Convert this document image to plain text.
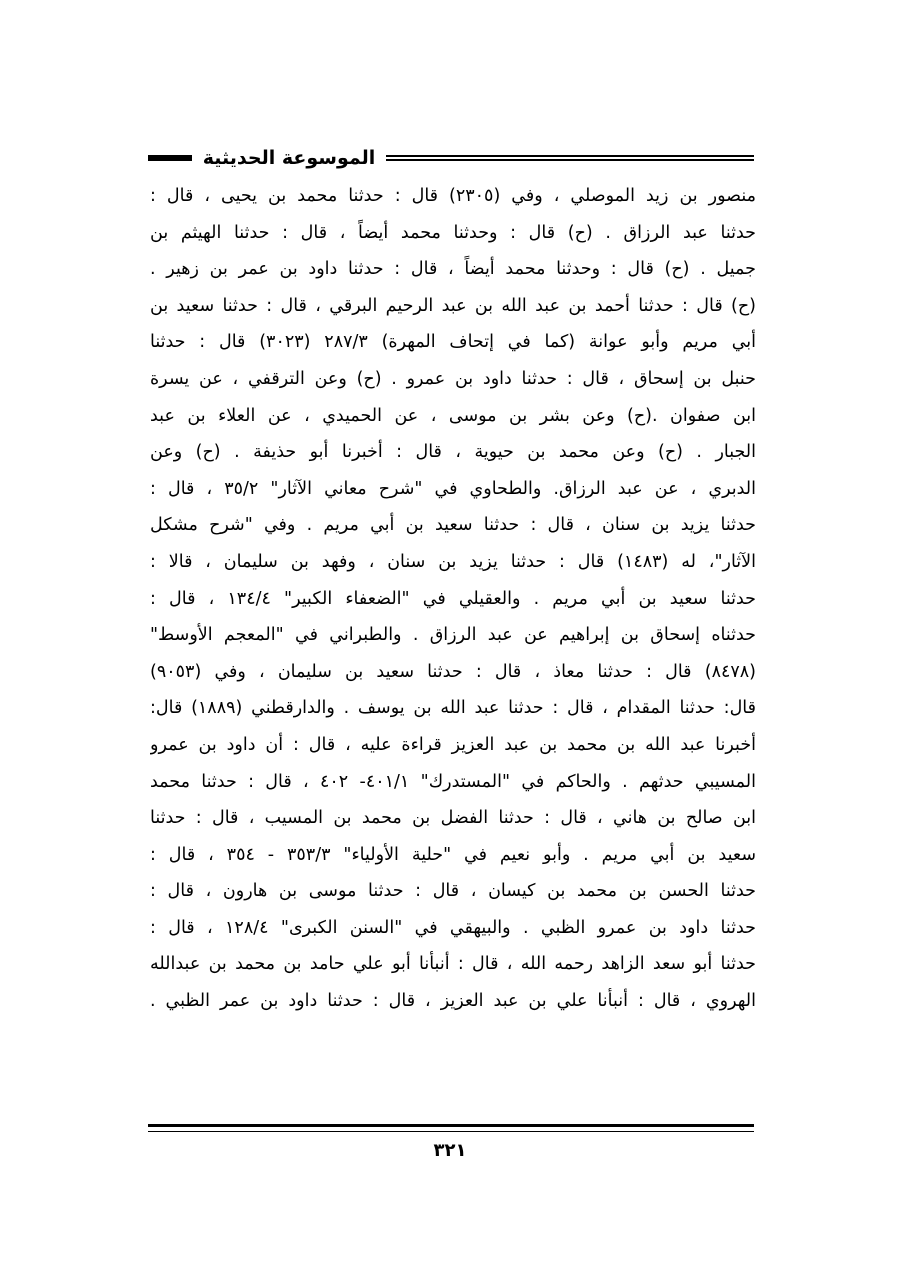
الموسوعة الحديثية
منصور بن زيد الموصلي ، وفي (٢٣٠٥) قال : حدثنا محمد بن يحيى ، قال :
حدثنا عبد الرزاق . (ح) قال : وحدثنا محمد أيضاً ، قال : حدثنا الهيثم بن
جميل . (ح) قال : وحدثنا محمد أيضاً ، قال : حدثنا داود بن عمر بن زهير .
(ح) قال : حدثنا أحمد بن عبد الله بن عبد الرحيم البرقي ، قال : حدثنا سعيد بن
أبي مريم وأبو عوانة (كما في إتحاف المهرة) ٢٨٧/٣ (٣٠٢٣) قال : حدثنا
حنبل بن إسحاق ، قال : حدثنا داود بن عمرو . (ح) وعن الترقفي ، عن يسرة
ابن صفوان .(ح) وعن بشر بن موسى ، عن الحميدي ، عن العلاء بن عبد
الجبار . (ح) وعن محمد بن حيوية ، قال : أخبرنا أبو حذيفة . (ح) وعن
الدبري ، عن عبد الرزاق. والطحاوي في "شرح معاني الآثار" ٣٥/٢ ، قال :
حدثنا يزيد بن سنان ، قال : حدثنا سعيد بن أبي مريم . وفي "شرح مشكل
الآثار"، له (١٤٨٣) قال : حدثنا يزيد بن سنان ، وفهد بن سليمان ، قالا :
حدثنا سعيد بن أبي مريم . والعقيلي في "الضعفاء الكبير" ١٣٤/٤ ، قال :
حدثناه إسحاق بن إبراهيم عن عبد الرزاق . والطبراني في "المعجم الأوسط"
(٨٤٧٨) قال : حدثنا معاذ ، قال : حدثنا سعيد بن سليمان ، وفي (٩٠٥٣)
قال: حدثنا المقدام ، قال : حدثنا عبد الله بن يوسف . والدارقطني (١٨٨٩) قال:
أخبرنا عبد الله بن محمد بن عبد العزيز قراءة عليه ، قال : أن داود بن عمرو
المسيبي حدثهم . والحاكم في "المستدرك" ٤٠١/١- ٤٠٢ ، قال : حدثنا محمد
ابن صالح بن هاني ، قال : حدثنا الفضل بن محمد بن المسيب ، قال : حدثنا
سعيد بن أبي مريم . وأبو نعيم في "حلية الأولياء" ٣٥٣/٣ - ٣٥٤ ، قال :
حدثنا الحسن بن محمد بن كيسان ، قال : حدثنا موسى بن هارون ، قال :
حدثنا داود بن عمرو الظبي . والبيهقي في "السنن الكبرى" ١٢٨/٤ ، قال :
حدثنا أبو سعد الزاهد رحمه الله ، قال : أنبأنا أبو علي حامد بن محمد بن عبدالله
الهروي ، قال : أنبأنا علي بن عبد العزيز ، قال : حدثنا داود بن عمر الظبي .
٣٢١
